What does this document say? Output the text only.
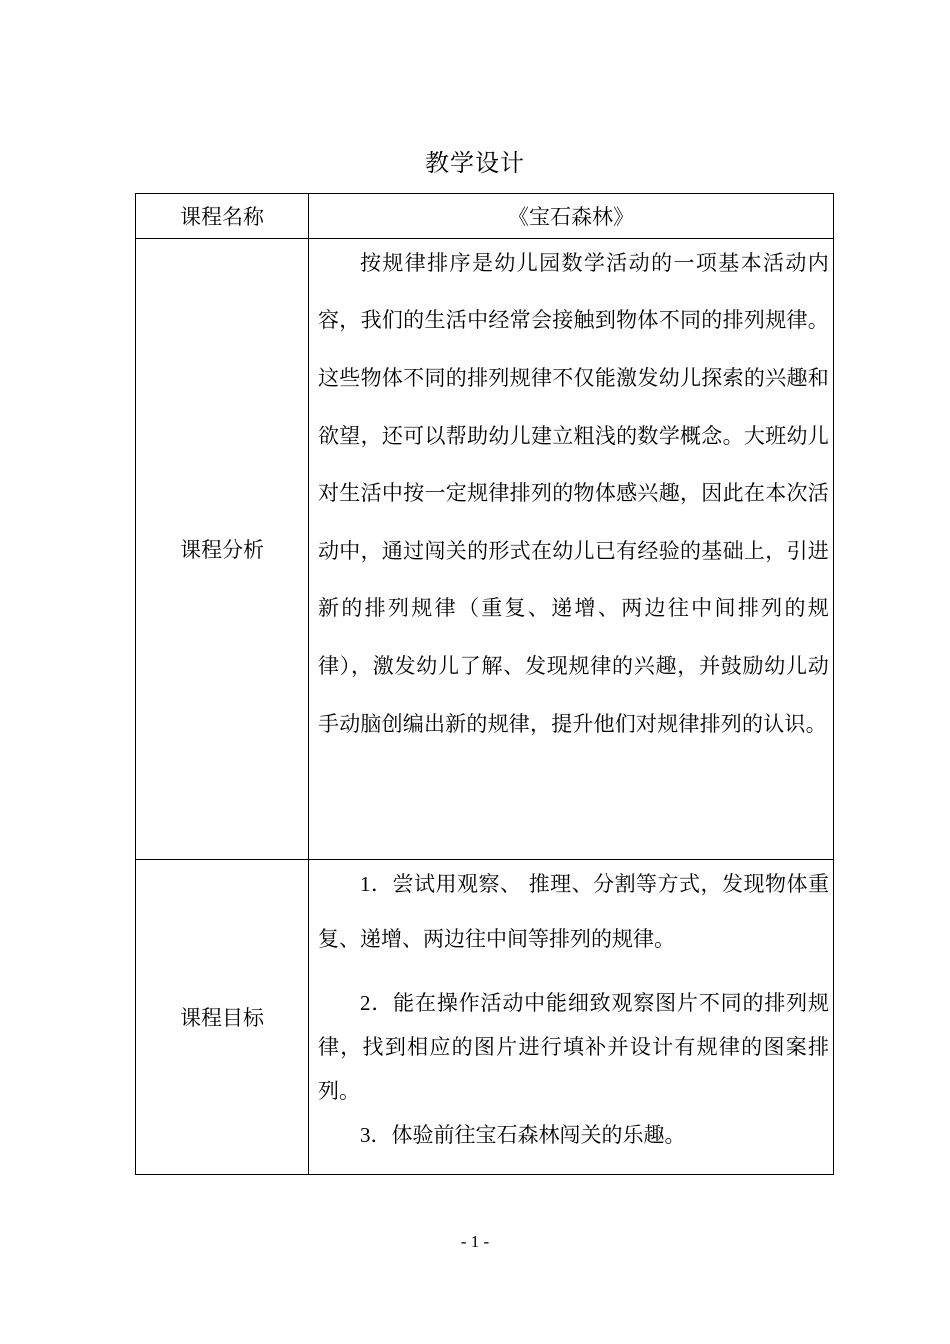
教学设计
课程名称	《宝石森林》

课程分析	按规律排序是幼儿园数学活动的一项基本活动内容，我们的生活中经常会接触到物体不同的排列规律。这些物体不同的排列规律不仅能激发幼儿探索的兴趣和欲望，还可以帮助幼儿建立粗浅的数学概念。大班幼儿对生活中按一定规律排列的物体感兴趣，因此在本次活动中，通过闯关的形式在幼儿已有经验的基础上，引进新的排列规律（重复、递增、两边往中间排列的规律），激发幼儿了解、发现规律的兴趣，并鼓励幼儿动手动脑创编出新的规律，提升他们对规律排列的认识。

课程目标	1．尝试用观察、 推理、分割等方式，发现物体重复、递增、两边往中间等排列的规律。

2．能在操作活动中能细致观察图片不同的排列规律，找到相应的图片进行填补并设计有规律的图案排列。

3．体验前往宝石森林闯关的乐趣。

- 1 -
